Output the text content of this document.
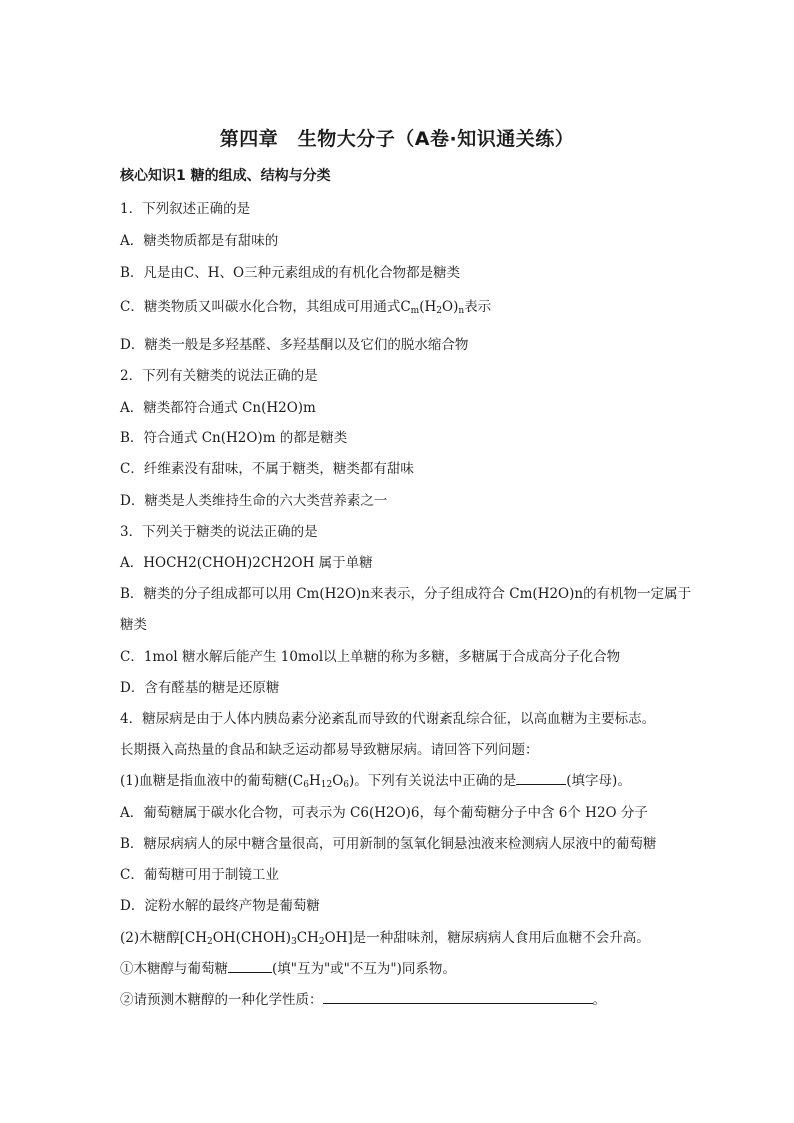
第四章　生物大分子（A卷·知识通关练）
核心知识1 糖的组成、结构与分类
1．下列叙述正确的是
A．糖类物质都是有甜味的
B．凡是由C、H、O三种元素组成的有机化合物都是糖类
C．糖类物质又叫碳水化合物，其组成可用通式$C_m(H_2O)_n$表示
D．糖类一般是多羟基醛、多羟基酮以及它们的脱水缩合物
2．下列有关糖类的说法正确的是
A．糖类都符合通式 Cn(H2O)m
B．符合通式 Cn(H2O)m 的都是糖类
C．纤维素没有甜味，不属于糖类，糖类都有甜味
D．糖类是人类维持生命的六大类营养素之一
3．下列关于糖类的说法正确的是
A．HOCH2(CHOH)2CH2OH 属于单糖
B．糖类的分子组成都可以用 Cm(H2O)n来表示，分子组成符合 Cm(H2O)n的有机物一定属于
糖类
C．1mol 糖水解后能产生 10mol以上单糖的称为多糖，多糖属于合成高分子化合物
D．含有醛基的糖是还原糖
4．糖尿病是由于人体内胰岛素分泌紊乱而导致的代谢紊乱综合征，以高血糖为主要标志。
长期摄入高热量的食品和缺乏运动都易导致糖尿病。请回答下列问题：
(1)血糖是指血液中的葡萄糖$(C_6H_{12}O_6)$。下列有关说法中正确的是	(填字母)。
A．葡萄糖属于碳水化合物，可表示为 C6(H2O)6，每个葡萄糖分子中含 6个 H2O 分子
B．糖尿病病人的尿中糖含量很高，可用新制的氢氧化铜悬浊液来检测病人尿液中的葡萄糖
C．葡萄糖可用于制镜工业
D．淀粉水解的最终产物是葡萄糖
(2)木糖醇$[CH_2OH(CHOH)_3CH_2OH]$是一种甜味剂，糖尿病病人食用后血糖不会升高。
①木糖醇与葡萄糖	(填"互为"或"不互为")同系物。
②请预测木糖醇的一种化学性质：	。
